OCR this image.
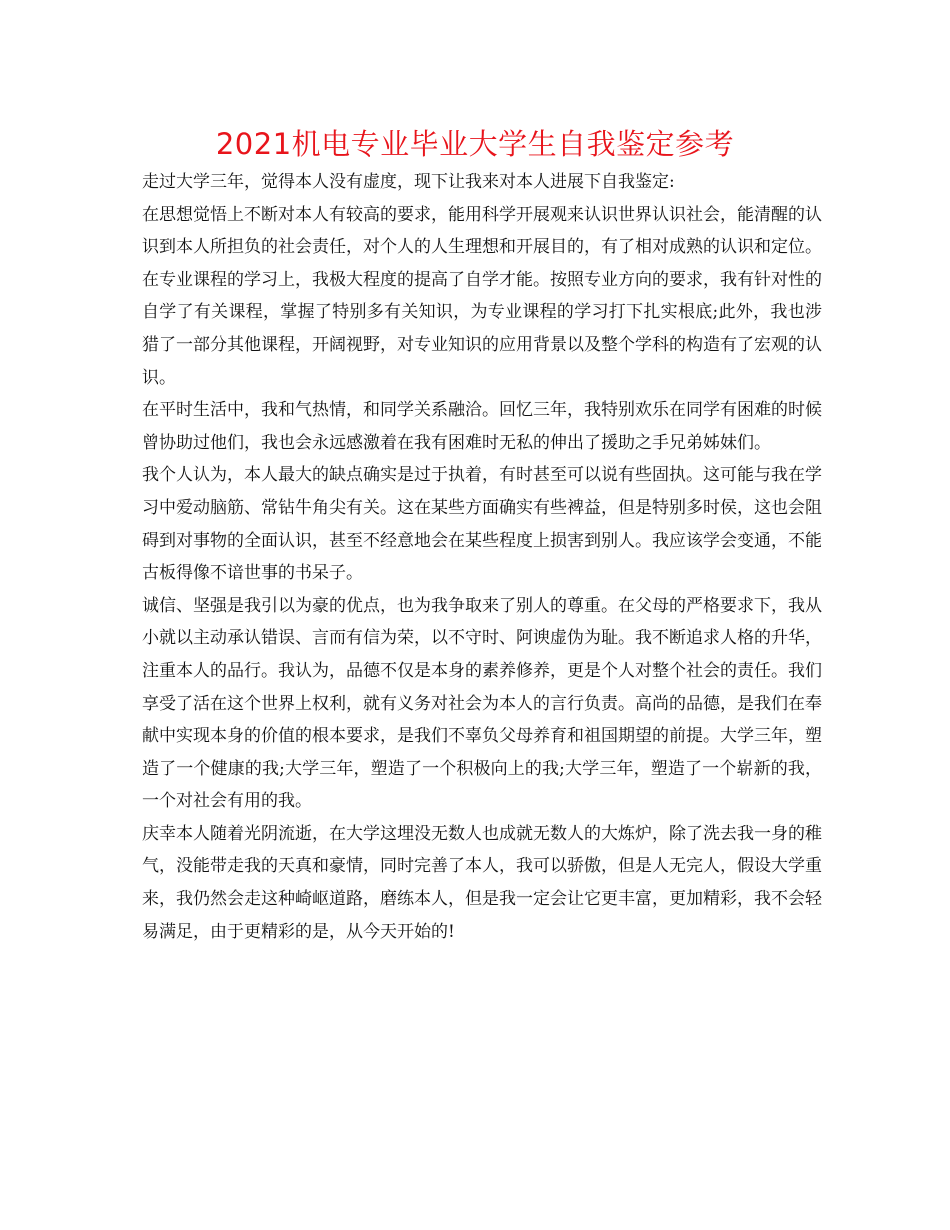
2021机电专业毕业大学生自我鉴定参考

走过大学三年，觉得本人没有虚度，现下让我来对本人进展下自我鉴定:

在思想觉悟上不断对本人有较高的要求，能用科学开展观来认识世界认识社会，能清醒的认识到本人所担负的社会责任，对个人的人生理想和开展目的，有了相对成熟的认识和定位。在专业课程的学习上，我极大程度的提高了自学才能。按照专业方向的要求，我有针对性的自学了有关课程，掌握了特别多有关知识，为专业课程的学习打下扎实根底;此外，我也涉猎了一部分其他课程，开阔视野，对专业知识的应用背景以及整个学科的构造有了宏观的认识。

在平时生活中，我和气热情，和同学关系融洽。回忆三年，我特别欢乐在同学有困难的时候曾协助过他们，我也会永远感激着在我有困难时无私的伸出了援助之手兄弟姊妹们。

我个人认为，本人最大的缺点确实是过于执着，有时甚至可以说有些固执。这可能与我在学习中爱动脑筋、常钻牛角尖有关。这在某些方面确实有些裨益，但是特别多时侯，这也会阻碍到对事物的全面认识，甚至不经意地会在某些程度上损害到别人。我应该学会变通，不能古板得像不谙世事的书呆子。

诚信、坚强是我引以为豪的优点，也为我争取来了别人的尊重。在父母的严格要求下，我从小就以主动承认错误、言而有信为荣，以不守时、阿谀虚伪为耻。我不断追求人格的升华，注重本人的品行。我认为，品德不仅是本身的素养修养，更是个人对整个社会的责任。我们享受了活在这个世界上权利，就有义务对社会为本人的言行负责。高尚的品德，是我们在奉献中实现本身的价值的根本要求，是我们不辜负父母养育和祖国期望的前提。大学三年，塑造了一个健康的我;大学三年，塑造了一个积极向上的我;大学三年，塑造了一个崭新的我，一个对社会有用的我。

庆幸本人随着光阴流逝，在大学这埋没无数人也成就无数人的大炼炉，除了洗去我一身的稚气，没能带走我的天真和豪情，同时完善了本人，我可以骄傲，但是人无完人，假设大学重来，我仍然会走这种崎岖道路，磨练本人，但是我一定会让它更丰富，更加精彩，我不会轻易满足，由于更精彩的是，从今天开始的!
